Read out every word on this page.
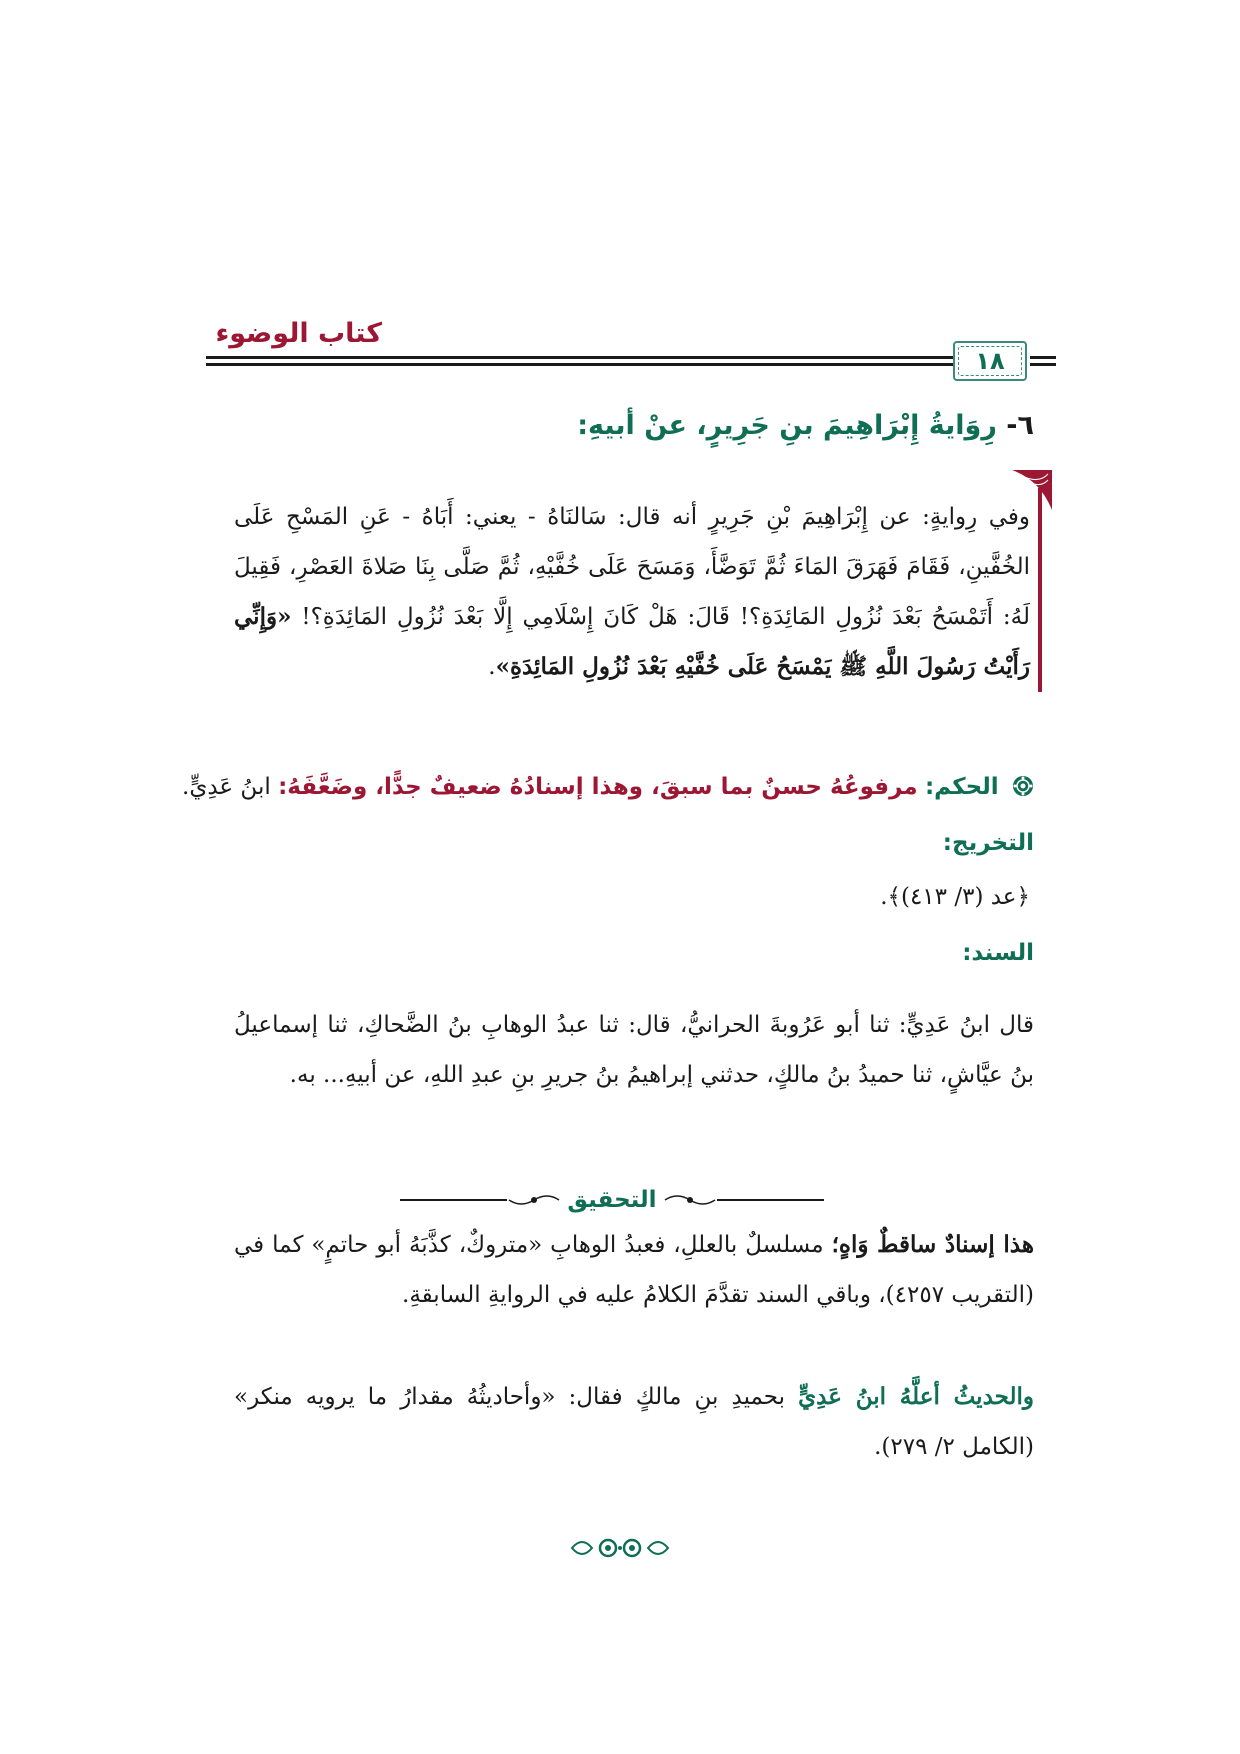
كتاب الوضوء
١٨
٦- رِوَايةُ إِبْرَاهِيمَ بنِ جَرِيرٍ، عنْ أبيهِ:
وفي رِوايةٍ: عن إِبْرَاهِيمَ بْنِ جَرِيرٍ أنه قال: سَالنَاهُ - يعني: أَبَاهُ - عَنِ المَسْحِ عَلَى الخُفَّينِ، فَقَامَ فَهَرَقَ المَاءَ ثُمَّ تَوَضَّأَ، وَمَسَحَ عَلَى خُفَّيْهِ، ثُمَّ صَلَّى بِنَا صَلاةَ العَصْرِ، فَقِيلَ لَهُ: أَتَمْسَحُ بَعْدَ نُزُولِ المَائِدَةِ؟! قَالَ: هَلْ كَانَ إِسْلَامِي إِلَّا بَعْدَ نُزُولِ المَائِدَةِ؟! «وَإِنِّي رَأَيْتُ رَسُولَ اللَّهِ ﷺ يَمْسَحُ عَلَى خُفَّيْهِ بَعْدَ نُزُولِ المَائِدَةِ».
الحكم: مرفوعُهُ حسنٌ بما سبقَ، وهذا إسنادُهُ ضعيفٌ جدًّا، وضَعَّفَهُ: ابنُ عَدِيٍّ.
التخريج:
﴿عد (٣/ ٤١٣)﴾.
السند:
قال ابنُ عَدِيٍّ: ثنا أبو عَرُوبةَ الحرانيُّ، قال: ثنا عبدُ الوهابِ بنُ الضَّحاكِ، ثنا إسماعيلُ بنُ عيَّاشٍ، ثنا حميدُ بنُ مالكٍ، حدثني إبراهيمُ بنُ جريرِ بنِ عبدِ اللهِ، عن أبيهِ... به.
التحقيق
هذا إسنادٌ ساقطٌ وَاهٍ؛ مسلسلٌ بالعللِ، فعبدُ الوهابِ «متروكٌ، كذَّبَهُ أبو حاتمٍ» كما في (التقريب ٤٢٥٧)، وباقي السند تقدَّمَ الكلامُ عليه في الروايةِ السابقةِ.
والحديثُ أعلَّهُ ابنُ عَدِيٍّ بحميدِ بنِ مالكٍ فقال: «وأحاديثُهُ مقدارُ ما يرويه منكر» (الكامل ٢/ ٢٧٩).
